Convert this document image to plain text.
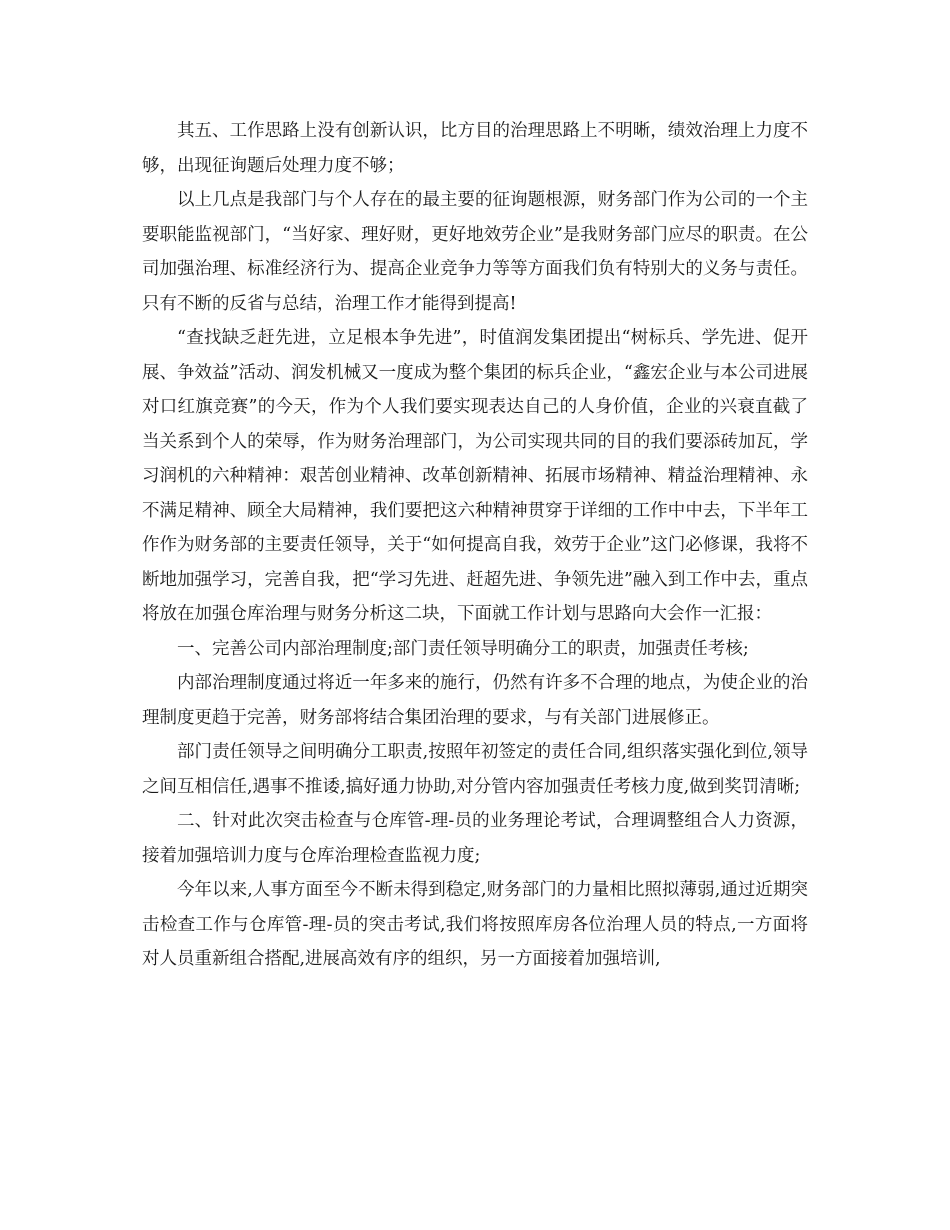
其五、工作思路上没有创新认识，比方目的治理思路上不明晰，绩效治理上力度不够，出现征询题后处理力度不够；

以上几点是我部门与个人存在的最主要的征询题根源，财务部门作为公司的一个主要职能监视部门，“当好家、理好财，更好地效劳企业”是我财务部门应尽的职责。在公司加强治理、标准经济行为、提高企业竞争力等等方面我们负有特别大的义务与责任。只有不断的反省与总结，治理工作才能得到提高!

“查找缺乏赶先进，立足根本争先进”，时值润发集团提出“树标兵、学先进、促开展、争效益”活动、润发机械又一度成为整个集团的标兵企业，“鑫宏企业与本公司进展对口红旗竞赛”的今天，作为个人我们要实现表达自己的人身价值，企业的兴衰直截了当关系到个人的荣辱，作为财务治理部门，为公司实现共同的目的我们要添砖加瓦，学习润机的六种精神：艰苦创业精神、改革创新精神、拓展市场精神、精益治理精神、永不满足精神、顾全大局精神，我们要把这六种精神贯穿于详细的工作中中去，下半年工作作为财务部的主要责任领导，关于“如何提高自我，效劳于企业”这门必修课，我将不断地加强学习，完善自我，把“学习先进、赶超先进、争领先进”融入到工作中去，重点将放在加强仓库治理与财务分析这二块，下面就工作计划与思路向大会作一汇报：

一、完善公司内部治理制度;部门责任领导明确分工的职责，加强责任考核;

内部治理制度通过将近一年多来的施行，仍然有许多不合理的地点，为使企业的治理制度更趋于完善，财务部将结合集团治理的要求，与有关部门进展修正。

部门责任领导之间明确分工职责,按照年初签定的责任合同,组织落实强化到位,领导之间互相信任,遇事不推诿,搞好通力协助,对分管内容加强责任考核力度,做到奖罚清晰;

二、针对此次突击检查与仓库管-理-员的业务理论考试，合理调整组合人力资源，接着加强培训力度与仓库治理检查监视力度;

今年以来,人事方面至今不断未得到稳定,财务部门的力量相比照拟薄弱,通过近期突击检查工作与仓库管-理-员的突击考试,我们将按照库房各位治理人员的特点,一方面将对人员重新组合搭配,进展高效有序的组织，另一方面接着加强培训,
